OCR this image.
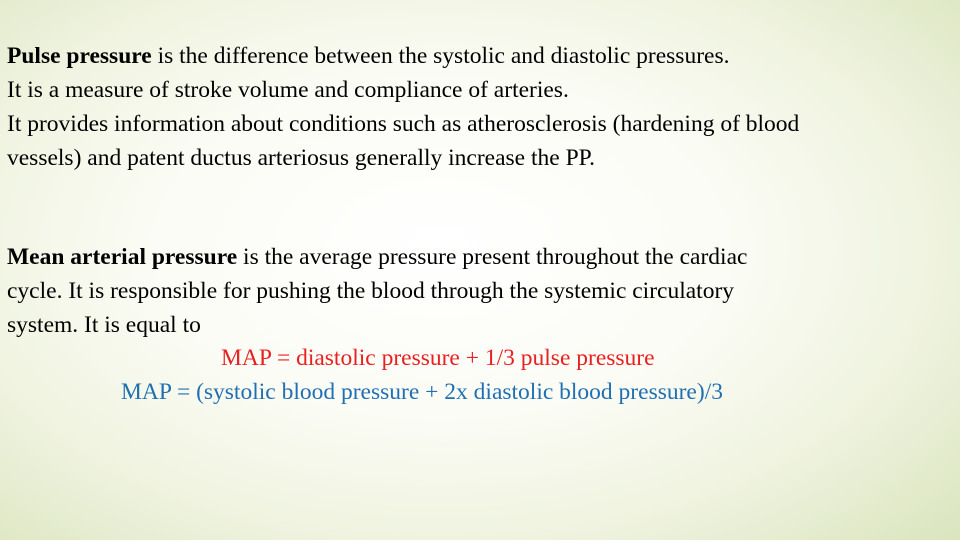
Pulse pressure is the difference between the systolic and diastolic pressures.
It is a measure of stroke volume and compliance of arteries.
It provides information about conditions such as atherosclerosis (hardening of blood
vessels) and patent ductus arteriosus generally increase the PP.

Mean arterial pressure is the average pressure present throughout the cardiac
cycle. It is responsible for pushing the blood through the systemic circulatory
system. It is equal to

MAP = diastolic pressure + 1/3 pulse pressure
MAP = (systolic blood pressure + 2x diastolic blood pressure)/3
